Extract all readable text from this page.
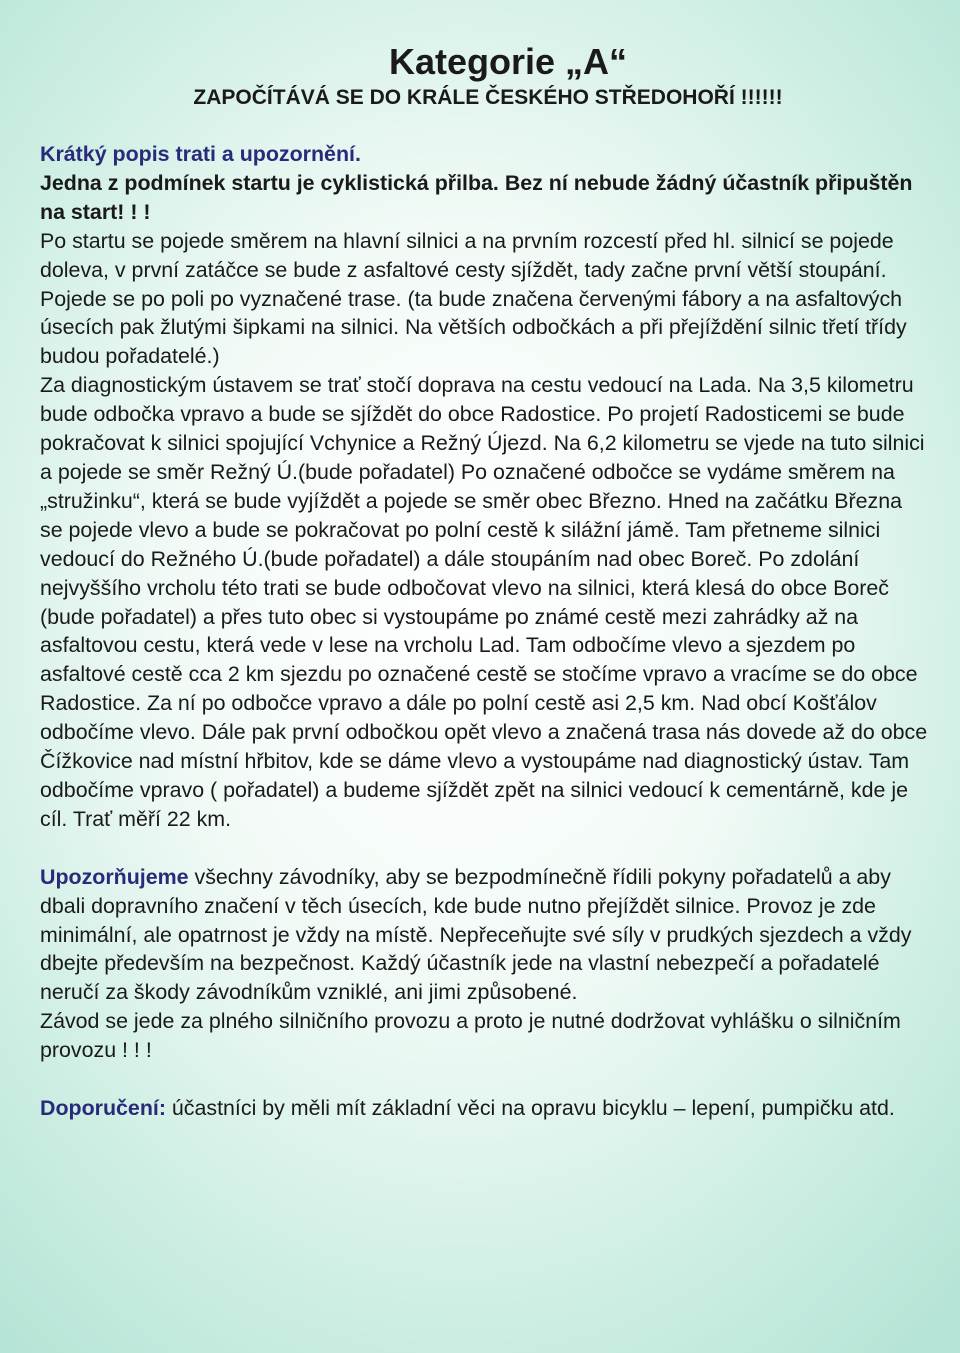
Kategorie „A“
ZAPOČÍTÁVÁ SE DO KRÁLE ČESKÉHO STŘEDOHOŘÍ !!!!!!

Krátký popis trati a upozornění.

Jedna z podmínek startu je cyklistická přilba. Bez ní nebude žádný účastník připuštěn na start! ! !

Po startu se pojede směrem na hlavní silnici a na prvním rozcestí před hl. silnicí se pojede doleva, v první zatáčce se bude z asfaltové cesty sjíždět, tady začne první větší stoupání. Pojede se po poli po vyznačené trase. (ta bude značena červenými fábory a na asfaltových úsecích pak žlutými šipkami na silnici. Na větších odbočkách a při přejíždění silnic třetí třídy budou pořadatelé.)

Za diagnostickým ústavem se trať stočí doprava na cestu vedoucí na Lada. Na 3,5 kilometru bude odbočka vpravo a bude se sjíždět do obce Radostice. Po projetí Radosticemi se bude pokračovat k silnici spojující Vchynice a Režný Újezd. Na 6,2 kilometru se vjede na tuto silnici a pojede se směr Režný Ú.(bude pořadatel) Po označené odbočce se vydáme směrem na „stružinku“, která se bude vyjíždět a pojede se směr obec Březno. Hned na začátku Března se pojede vlevo a bude se pokračovat po polní cestě k silážní jámě. Tam přetneme silnici vedoucí do Režného Ú.(bude pořadatel) a dále stoupáním nad obec Boreč. Po zdolání nejvyššího vrcholu této trati se bude odbočovat vlevo na silnici, která klesá do obce Boreč (bude pořadatel) a přes tuto obec si vystoupáme po známé cestě mezi zahrádky až na asfaltovou cestu, která vede v lese na vrcholu Lad. Tam odbočíme vlevo a sjezdem po asfaltové cestě cca 2 km sjezdu po označené cestě se stočíme vpravo a vracíme se do obce Radostice. Za ní po odbočce vpravo a dále po polní cestě asi 2,5 km. Nad obcí Košťálov odbočíme vlevo. Dále pak první odbočkou opět vlevo a značená trasa nás dovede až do obce Čížkovice nad místní hřbitov, kde se dáme vlevo a vystoupáme nad diagnostický ústav. Tam odbočíme vpravo ( pořadatel) a budeme sjíždět zpět na silnici vedoucí k cementárně, kde je cíl. Trať měří 22 km.

Upozorňujeme všechny závodníky, aby se bezpodmínečně řídili pokyny pořadatelů a aby dbali dopravního značení v těch úsecích, kde bude nutno přejíždět silnice. Provoz je zde minimální, ale opatrnost je vždy na místě. Nepřeceňujte své síly v prudkých sjezdech a vždy dbejte především na bezpečnost. Každý účastník jede na vlastní nebezpečí a pořadatelé neručí za škody závodníkům vzniklé, ani jimi způsobené.

Závod se jede za plného silničního provozu a proto je nutné dodržovat vyhlášku o silničním provozu ! ! !

Doporučení: účastníci by měli mít základní věci na opravu bicyklu – lepení, pumpičku atd.
